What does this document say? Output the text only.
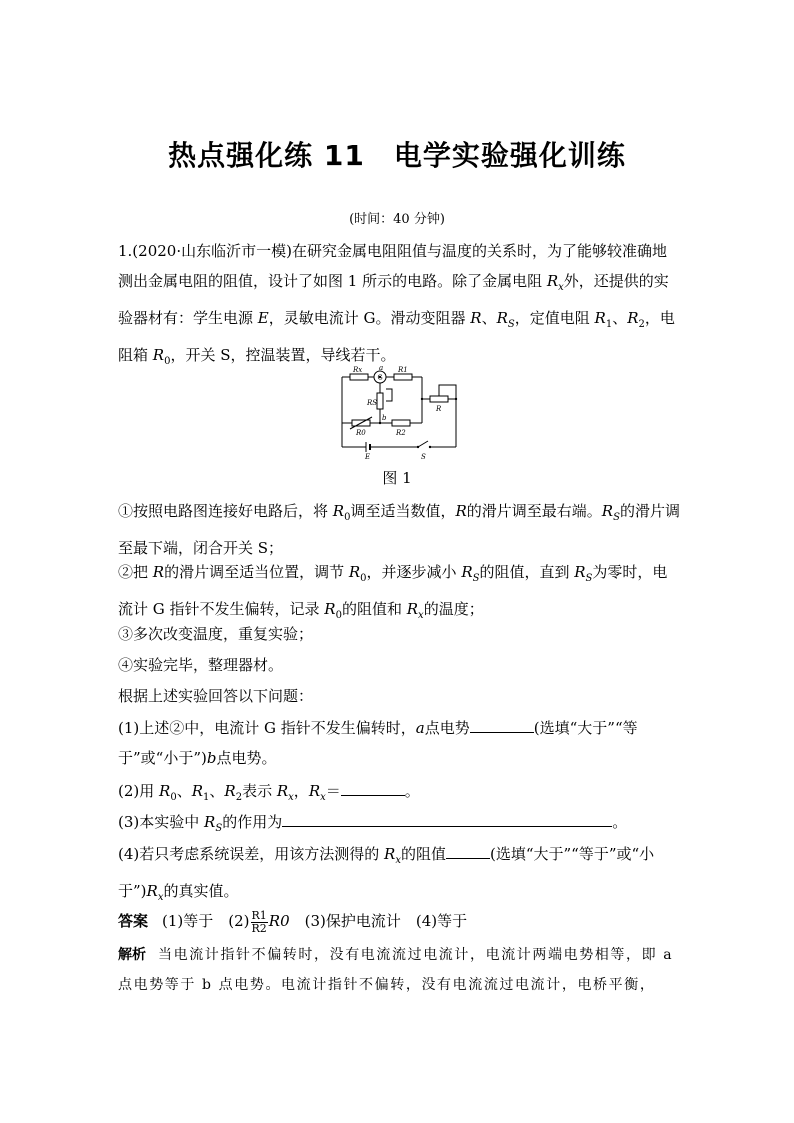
热点强化练 11　电学实验强化训练
(时间：40 分钟)

1.(2020·山东临沂市一模)在研究金属电阻阻值与温度的关系时，为了能够较准确地测出金属电阻的阻值，设计了如图 1 所示的电路。除了金属电阻 $R_x$外，还提供的实验器材有：学生电源 E，灵敏电流计 G。滑动变阻器 R、$R_S$，定值电阻 $R_1$、$R_2$，电阻箱 $R_0$，开关 S，控温装置，导线若干。

Rx
G
a R1
RS
b
R
R0	R2
E	S
图 1

①按照电路图连接好电路后，将 $R_0$调至适当数值，R的滑片调至最右端。$R_S$的滑片调至最下端，闭合开关 S；

②把 R的滑片调至适当位置，调节 $R_0$，并逐步减小 $R_S$的阻值，直到 $R_S$为零时，电流计 G 指针不发生偏转，记录 $R_0$的阻值和 $R_x$的温度；

③多次改变温度，重复实验；

④实验完毕，整理器材。

根据上述实验回答以下问题：

(1)上述②中，电流计 G 指针不发生偏转时，a点电势	(选填“大于”“等于”或“小于”)b点电势。

(2)用 $R_0$、$R_1$、$R_2$表示 $R_x$，$R_x=$	。

(3)本实验中 $R_S$的作用为	。

(4)若只考虑系统误差，用该方法测得的 $R_x$的阻值	(选填“大于”“等于”或“小于$”)R_x$的真实值。

答案 (1)等于　$(2) \frac{R1}{R2} R0$　(3)保护电流计　(4)等于
解析 当电流计指针不偏转时，没有电流流过电流计，电流计两端电势相等，即 a 点电势等于 b 点电势。电流计指针不偏转，没有电流流过电流计，电桥平衡，
